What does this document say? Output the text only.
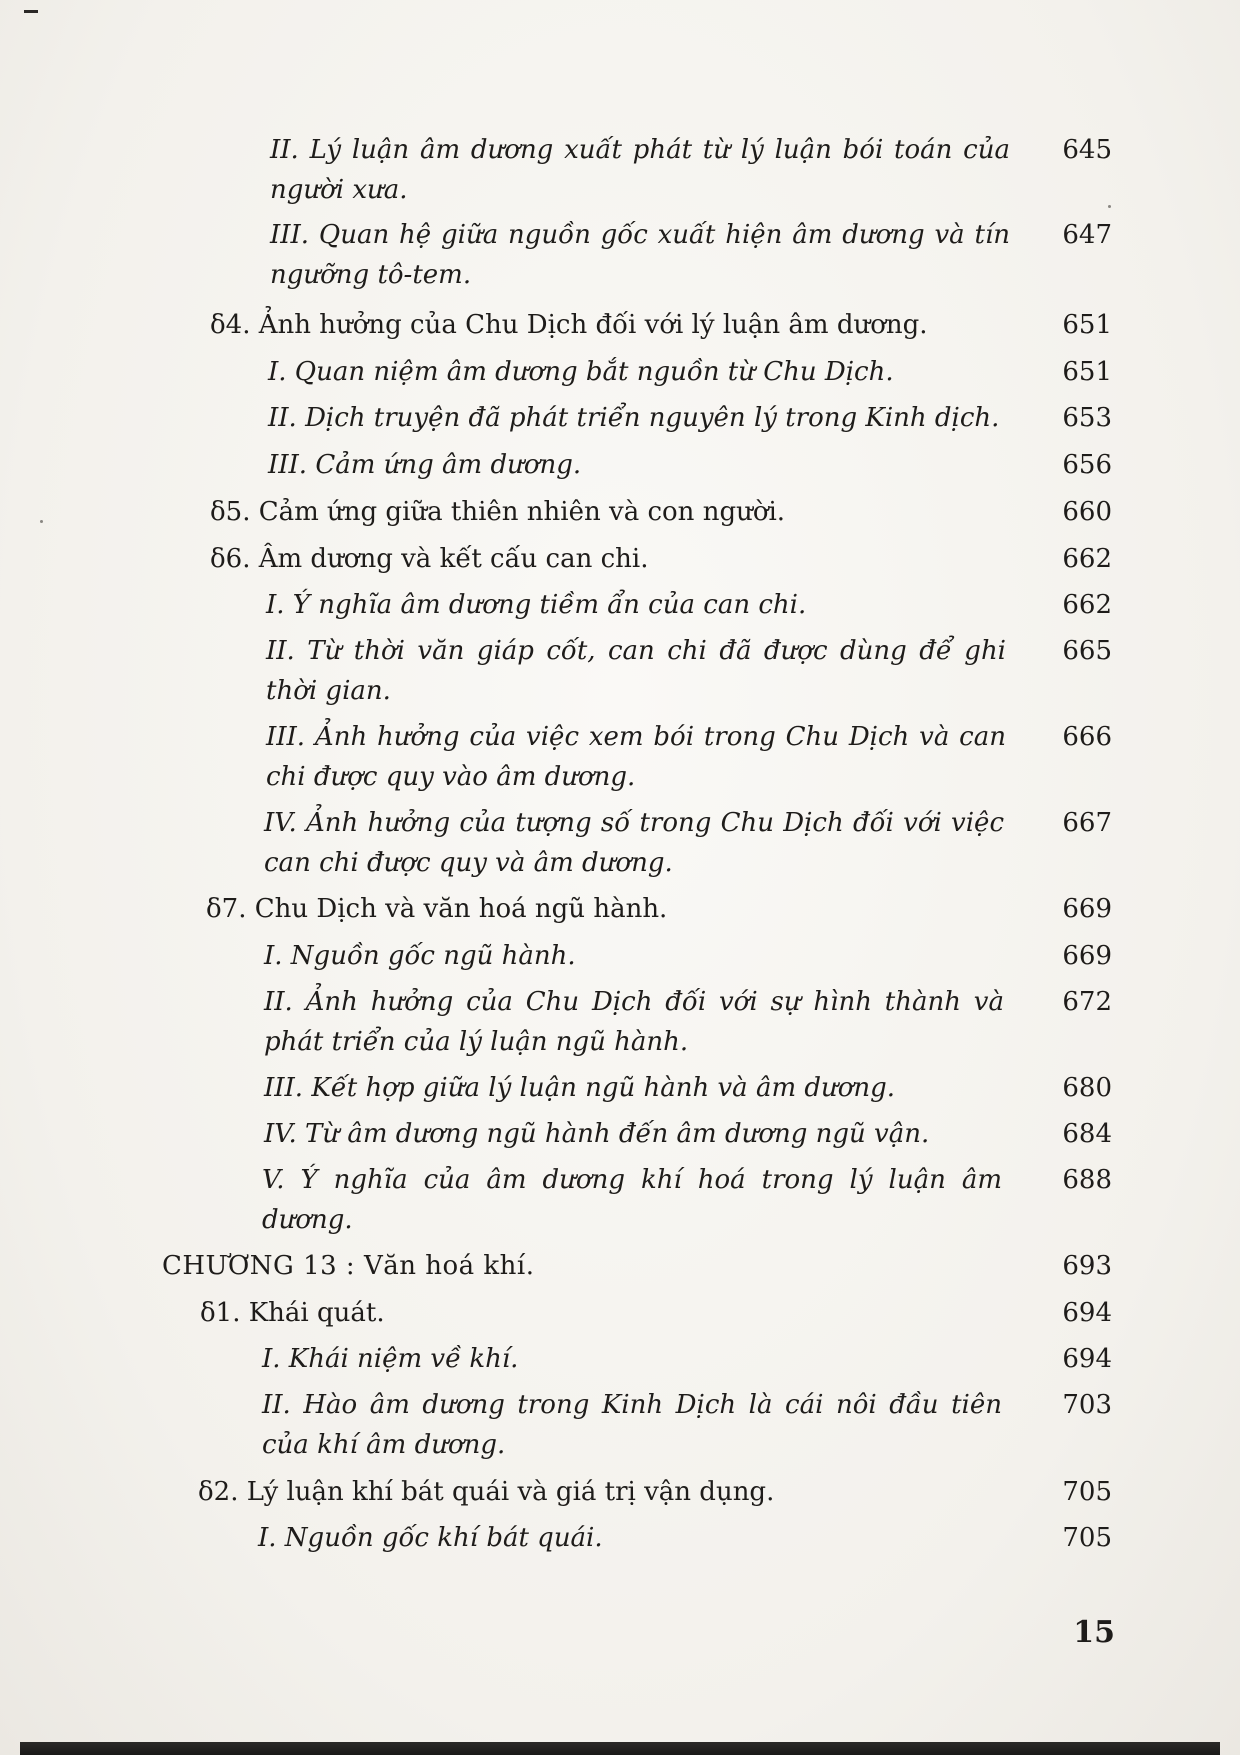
II. Lý luận âm dương xuất phát từ lý luận bói toán của người xưa.
645
III. Quan hệ giữa nguồn gốc xuất hiện âm dương và tín ngưỡng tô-tem.
647
δ4. Ảnh hưởng của Chu Dịch đối với lý luận âm dương.	651
I. Quan niệm âm dương bắt nguồn từ Chu Dịch.	651
II. Dịch truyện đã phát triển nguyên lý trong Kinh dịch.	653
III. Cảm ứng âm dương.	656
δ5. Cảm ứng giữa thiên nhiên và con người.	660
δ6. Âm dương và kết cấu can chi.	662
I. Ý nghĩa âm dương tiềm ẩn của can chi.	662
II. Từ thời văn giáp cốt, can chi đã được dùng để ghi thời gian.
665
III. Ảnh hưởng của việc xem bói trong Chu Dịch và can chi được quy vào âm dương.
666
IV. Ảnh hưởng của tượng số trong Chu Dịch đối với việc can chi được quy và âm dương.
667
δ7. Chu Dịch và văn hoá ngũ hành.	669
I. Nguồn gốc ngũ hành.	669
II. Ảnh hưởng của Chu Dịch đối với sự hình thành và phát triển của lý luận ngũ hành.
672
III. Kết hợp giữa lý luận ngũ hành và âm dương.	680
IV. Từ âm dương ngũ hành đến âm dương ngũ vận.	684
V. Ý nghĩa của âm dương khí hoá trong lý luận âm dương.
688
CHƯƠNG 13 : Văn hoá khí.	693
δ1. Khái quát.	694
I. Khái niệm về khí.	694
II. Hào âm dương trong Kinh Dịch là cái nôi đầu tiên của khí âm dương.
703
δ2. Lý luận khí bát quái và giá trị vận dụng.	705
I. Nguồn gốc khí bát quái.	705
15
